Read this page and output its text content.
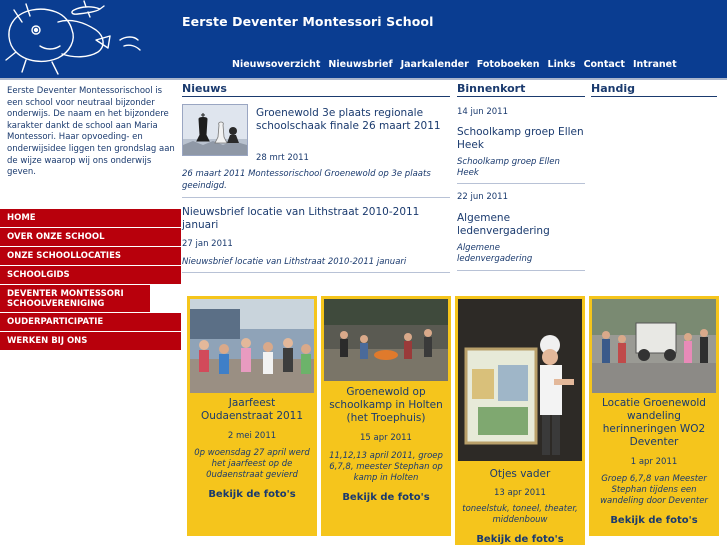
Eerste Deventer Montessori School
Nieuwsoverzicht Nieuwsbrief Jaarkalender Fotoboeken Links Contact Intranet
Eerste Deventer Montessorischool is een school voor neutraal bijzonder onderwijs. De naam en het bijzondere karakter dankt de school aan Maria Montessori. Haar opvoeding- en onderwijsidee liggen ten grondslag aan de wijze waarop wij ons onderwijs geven.
HOME
OVER ONZE SCHOOL
ONZE SCHOOLLOCATIES
SCHOOLGIDS
DEVENTER MONTESSORI SCHOOLVERENIGING
OUDERPARTICIPATIE
WERKEN BIJ ONS
Nieuws	Binnenkort	Handig
Groenewold 3e plaats regionale schoolschaak finale 26 maart 2011
28 mrt 2011
26 maart 2011 Montessorischool Groenewold op 3e plaats geeindigd.
Nieuwsbrief locatie van Lithstraat 2010-2011 januari
27 jan 2011
Nieuwsbrief locatie van Lithstraat 2010-2011 januari
14 jun 2011
Schoolkamp groep Ellen Heek
Schoolkamp groep Ellen Heek
22 jun 2011
Algemene ledenvergadering
Algemene ledenvergadering
Jaarfeest Oudaenstraat 2011
2 mei 2011
0p woensdag 27 april werd het jaarfeest op de 0udaenstraat gevierd
Bekijk de foto's
Groenewold op schoolkamp in Holten (het Troephuis)
15 apr 2011
11,12,13 april 2011, groep 6,7,8, meester Stephan op kamp in Holten
Bekijk de foto's
Otjes vader
13 apr 2011
toneelstuk, toneel, theater, middenbouw
Bekijk de foto's
Locatie Groenewold wandeling herinneringen WO2 Deventer
1 apr 2011
Groep 6,7,8 van Meester Stephan tijdens een wandeling door Deventer
Bekijk de foto's
